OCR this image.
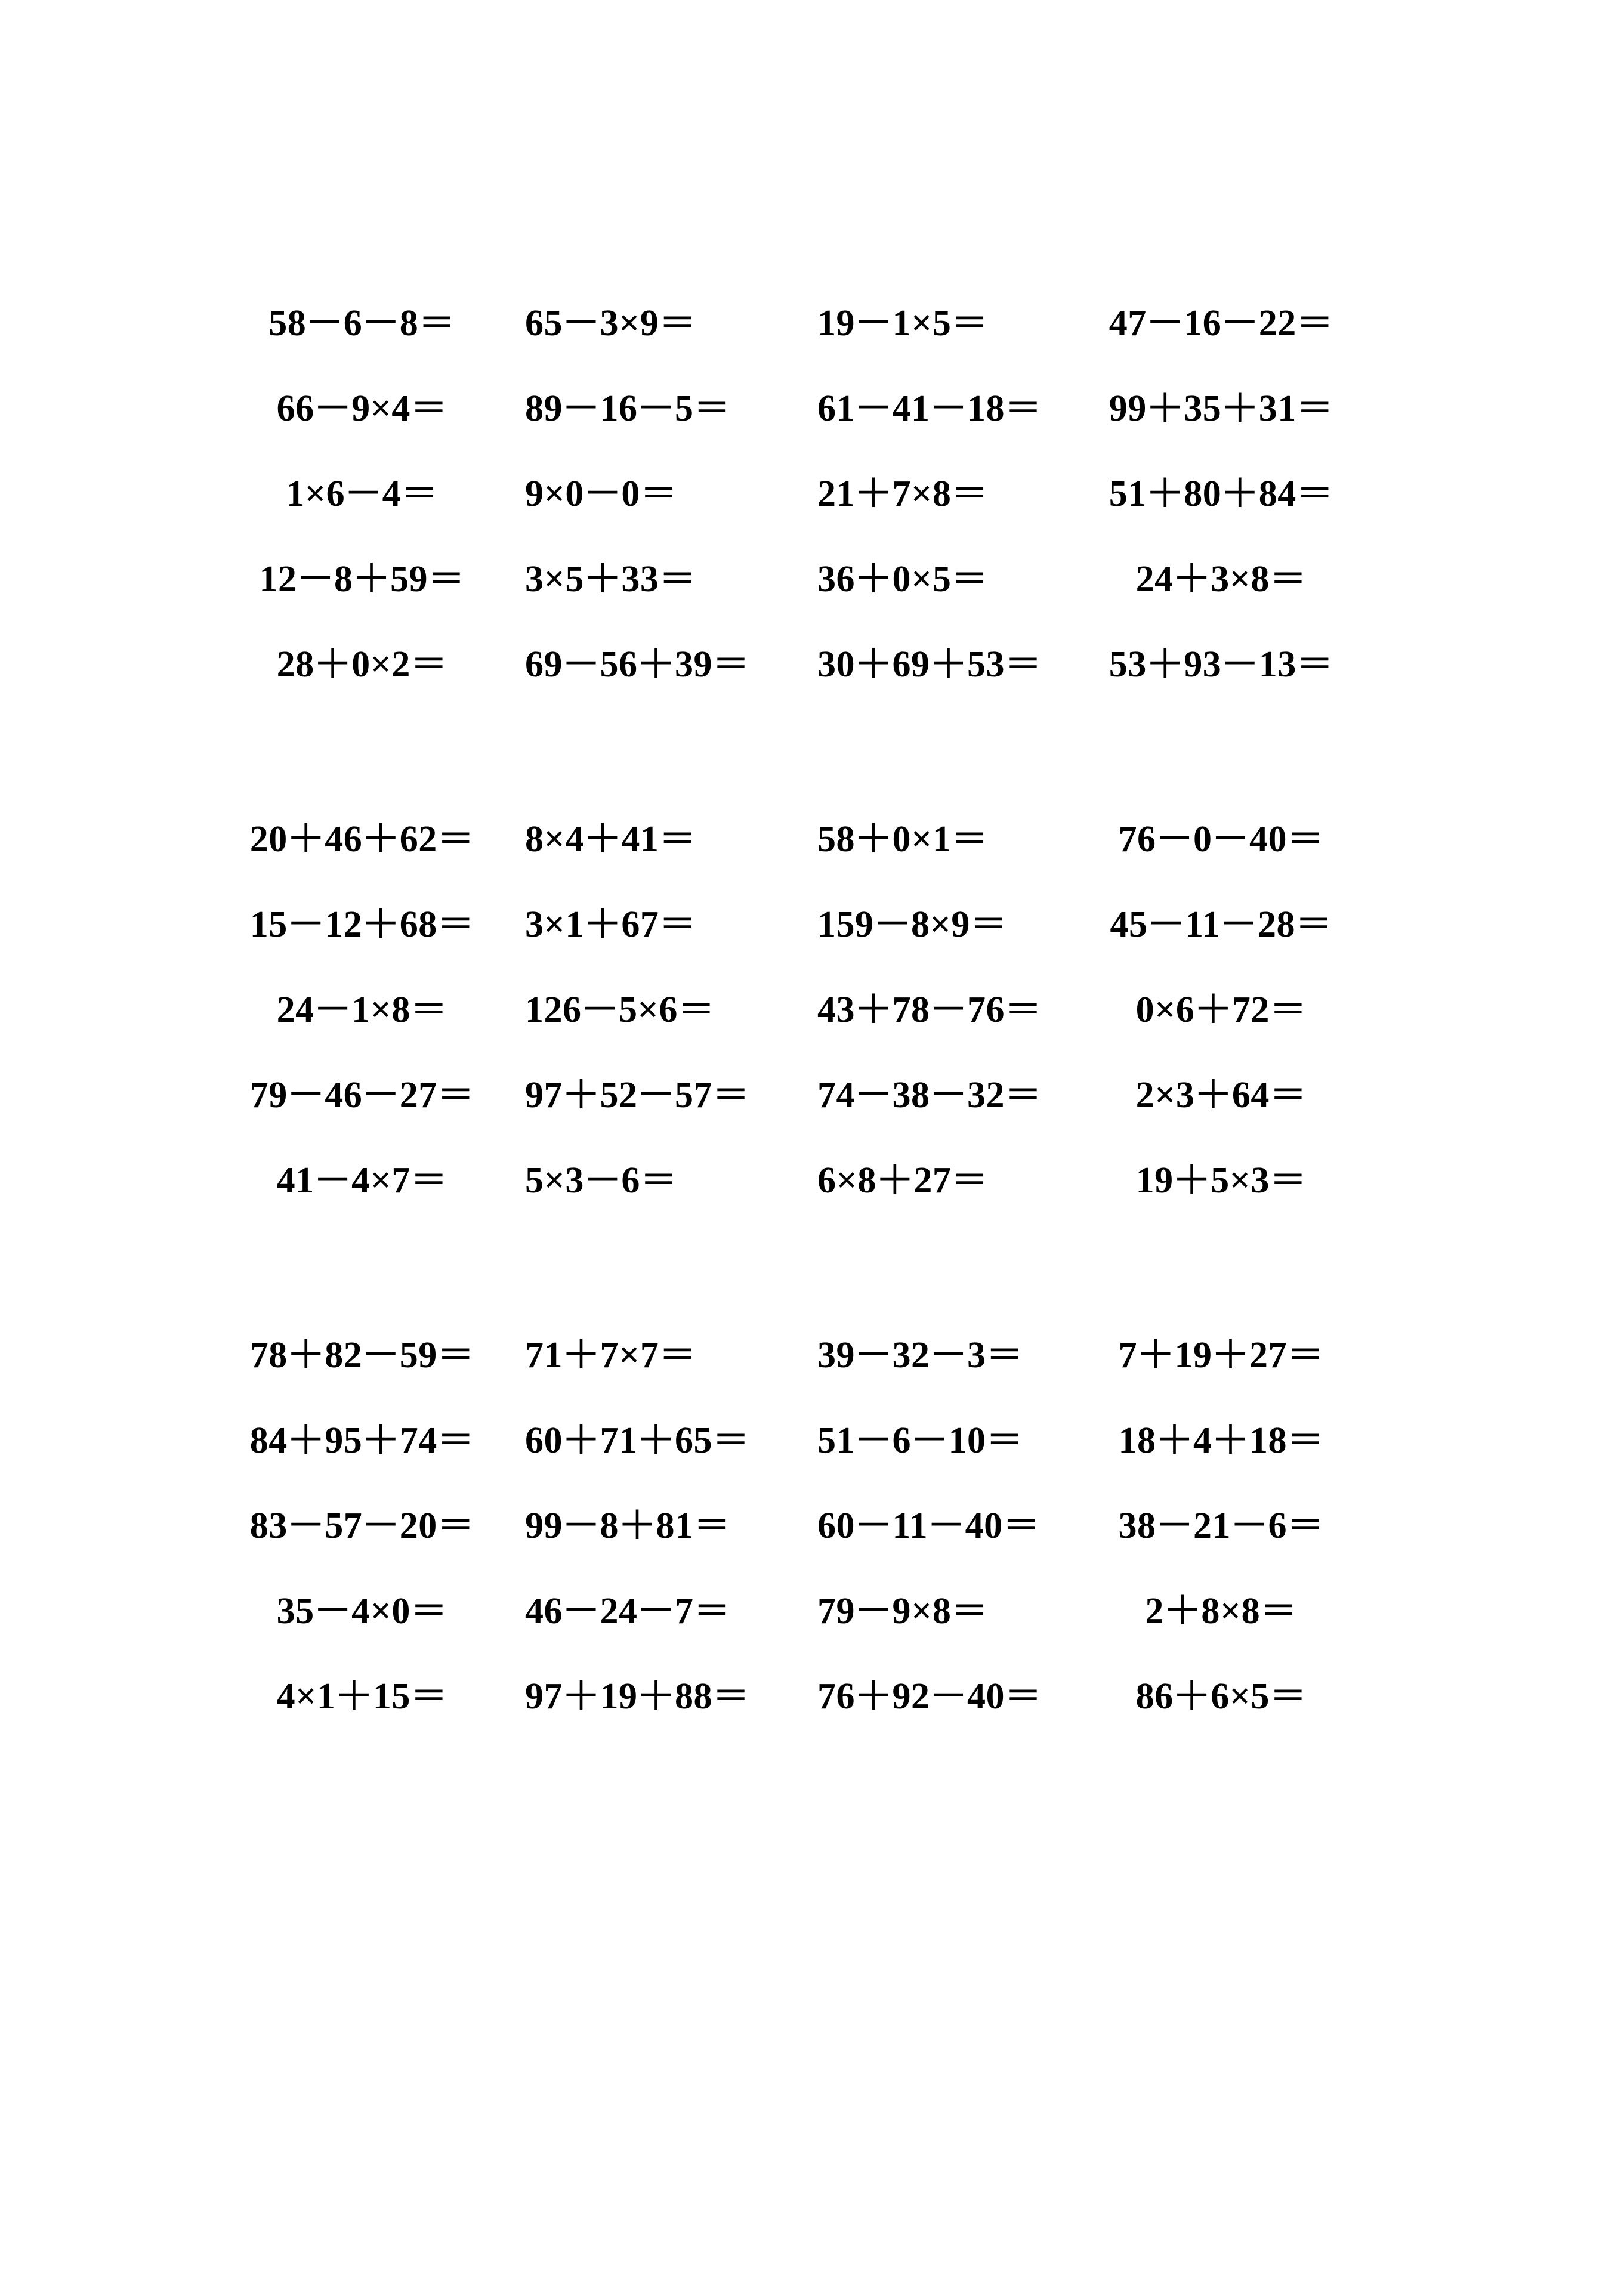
58－6－8＝	65－3×9＝	19－1×5＝	47－16－22＝
66－9×4＝	89－16－5＝	61－41－18＝	99＋35＋31＝
1×6－4＝	9×0－0＝	21＋7×8＝	51＋80＋84＝
12－8＋59＝	3×5＋33＝	36＋0×5＝	24＋3×8＝
28＋0×2＝	69－56＋39＝	30＋69＋53＝	53＋93－13＝
20＋46＋62＝	8×4＋41＝	58＋0×1＝	76－0－40＝
15－12＋68＝	3×1＋67＝	159－8×9＝	45－11－28＝
24－1×8＝	126－5×6＝	43＋78－76＝	0×6＋72＝
79－46－27＝	97＋52－57＝	74－38－32＝	2×3＋64＝
41－4×7＝	5×3－6＝	6×8＋27＝	19＋5×3＝
78＋82－59＝	71＋7×7＝	39－32－3＝	7＋19＋27＝
84＋95＋74＝	60＋71＋65＝	51－6－10＝	18＋4＋18＝
83－57－20＝	99－8＋81＝	60－11－40＝	38－21－6＝
35－4×0＝	46－24－7＝	79－9×8＝	2＋8×8＝
4×1＋15＝	97＋19＋88＝	76＋92－40＝	86＋6×5＝
